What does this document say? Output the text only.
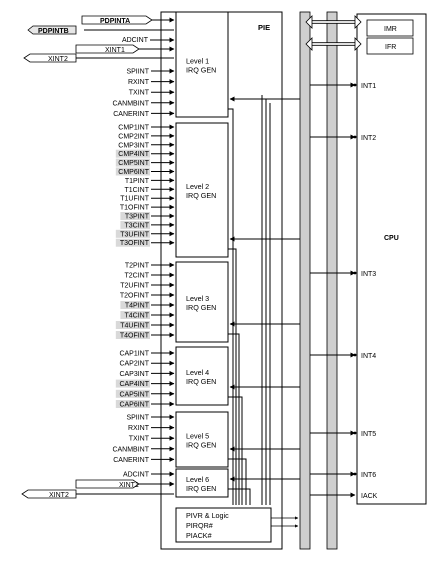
PIE	IMR
IFR
CPU
PIVR & Logic
PIRQR#
PIACK#
IACK
PDPINTA
PDPINTB
XINT1
XINT2
XINT1
XINT2
ADCINT
Level 1
IRQ GEN
SPIINT
RXINT
TXINT
CANMBINT
CANERINT
INT1
Level 2
IRQ GEN
CMP1INT
CMP2INT
CMP3INT
CMP4INT
CMP5INT
CMP6INT
T1PINT
T1CINT
T1UFINT
T1OFINT
T3PINT
T3CINT
T3UFINT
T3OFINT
INT2
Level 3
IRQ GEN
T2PINT
T2CINT
T2UFINT
T2OFINT
T4PINT
T4CINT
T4UFINT
T4OFINT
INT3
Level 4
IRQ GEN
CAP1INT
CAP2INT
CAP3INT
CAP4INT
CAP5INT
CAP6INT
INT4
Level 5
IRQ GEN
SPIINT
RXINT
TXINT
CANMBINT
CANERINT
INT5
Level 6
IRQ GEN
ADCINT	INT6
